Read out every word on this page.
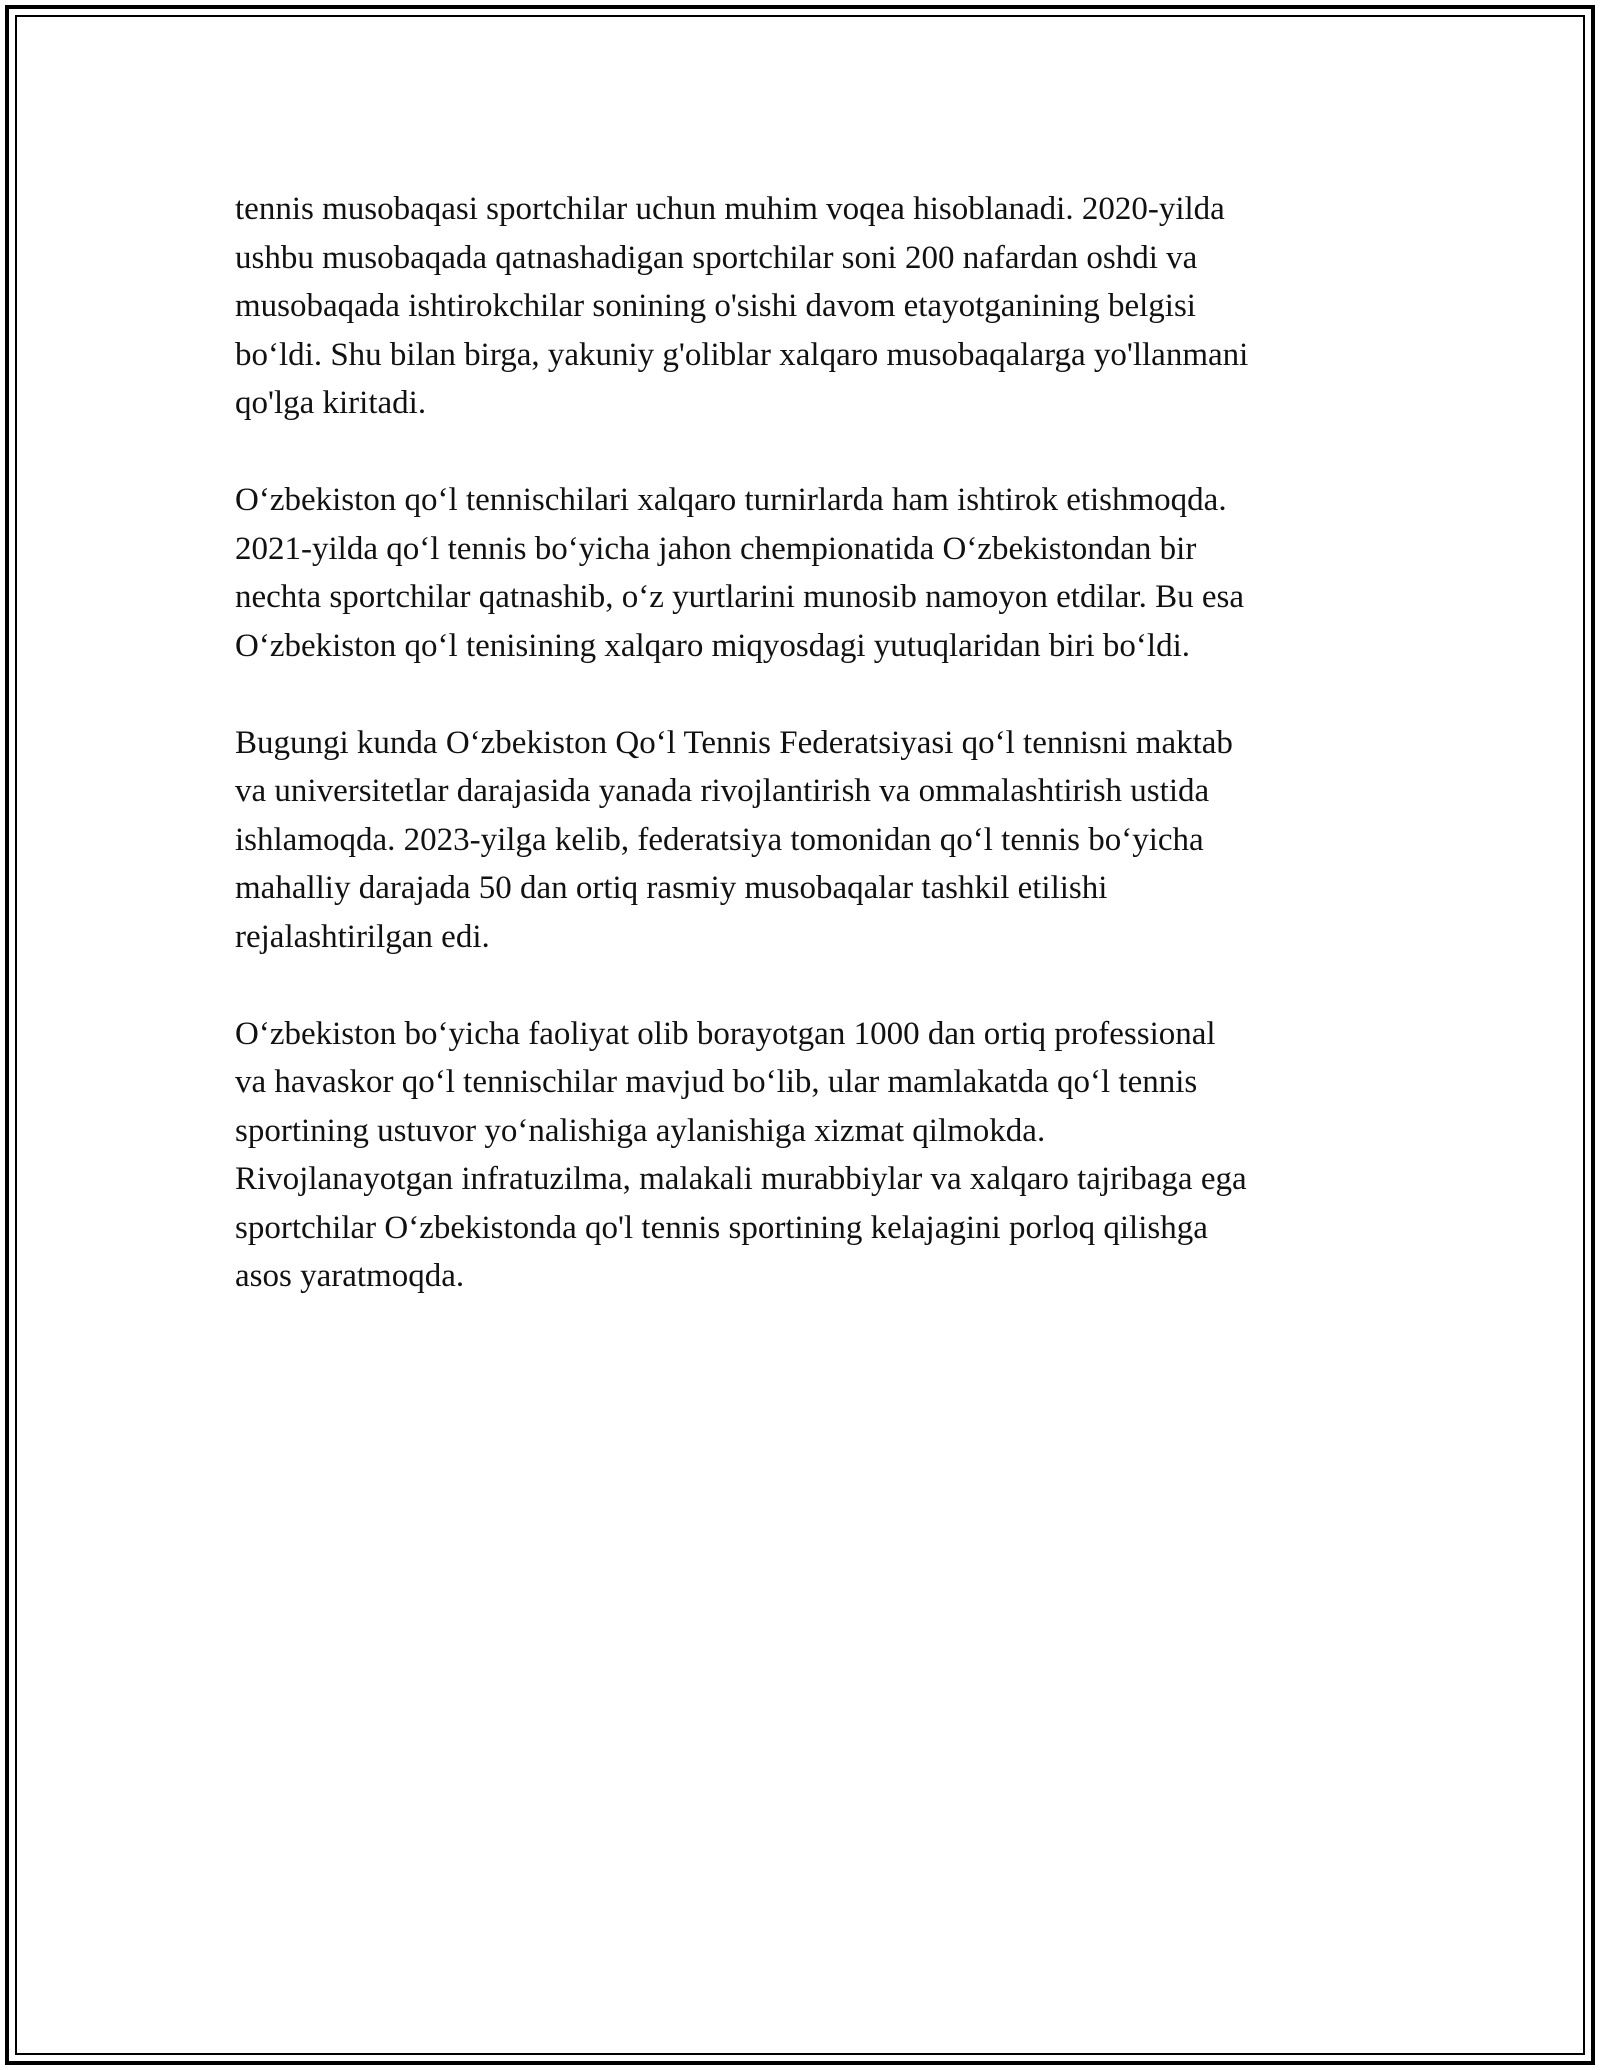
tennis musobaqasi sportchilar uchun muhim voqea hisoblanadi. 2020-yilda
ushbu musobaqada qatnashadigan sportchilar soni 200 nafardan oshdi va
musobaqada ishtirokchilar sonining o'sishi davom etayotganining belgisi
bo‘ldi. Shu bilan birga, yakuniy g'oliblar xalqaro musobaqalarga yo'llanmani
qo'lga kiritadi.

O‘zbekiston qo‘l tennischilari xalqaro turnirlarda ham ishtirok etishmoqda.
2021-yilda qo‘l tennis bo‘yicha jahon chempionatida O‘zbekistondan bir
nechta sportchilar qatnashib, o‘z yurtlarini munosib namoyon etdilar. Bu esa
O‘zbekiston qo‘l tenisining xalqaro miqyosdagi yutuqlaridan biri bo‘ldi.

Bugungi kunda O‘zbekiston Qo‘l Tennis Federatsiyasi qo‘l tennisni maktab
va universitetlar darajasida yanada rivojlantirish va ommalashtirish ustida
ishlamoqda. 2023-yilga kelib, federatsiya tomonidan qo‘l tennis bo‘yicha
mahalliy darajada 50 dan ortiq rasmiy musobaqalar tashkil etilishi
rejalashtirilgan edi.

O‘zbekiston bo‘yicha faoliyat olib borayotgan 1000 dan ortiq professional
va havaskor qo‘l tennischilar mavjud bo‘lib, ular mamlakatda qo‘l tennis
sportining ustuvor yo‘nalishiga aylanishiga xizmat qilmokda.
Rivojlanayotgan infratuzilma, malakali murabbiylar va xalqaro tajribaga ega
sportchilar O‘zbekistonda qo'l tennis sportining kelajagini porloq qilishga
asos yaratmoqda.
